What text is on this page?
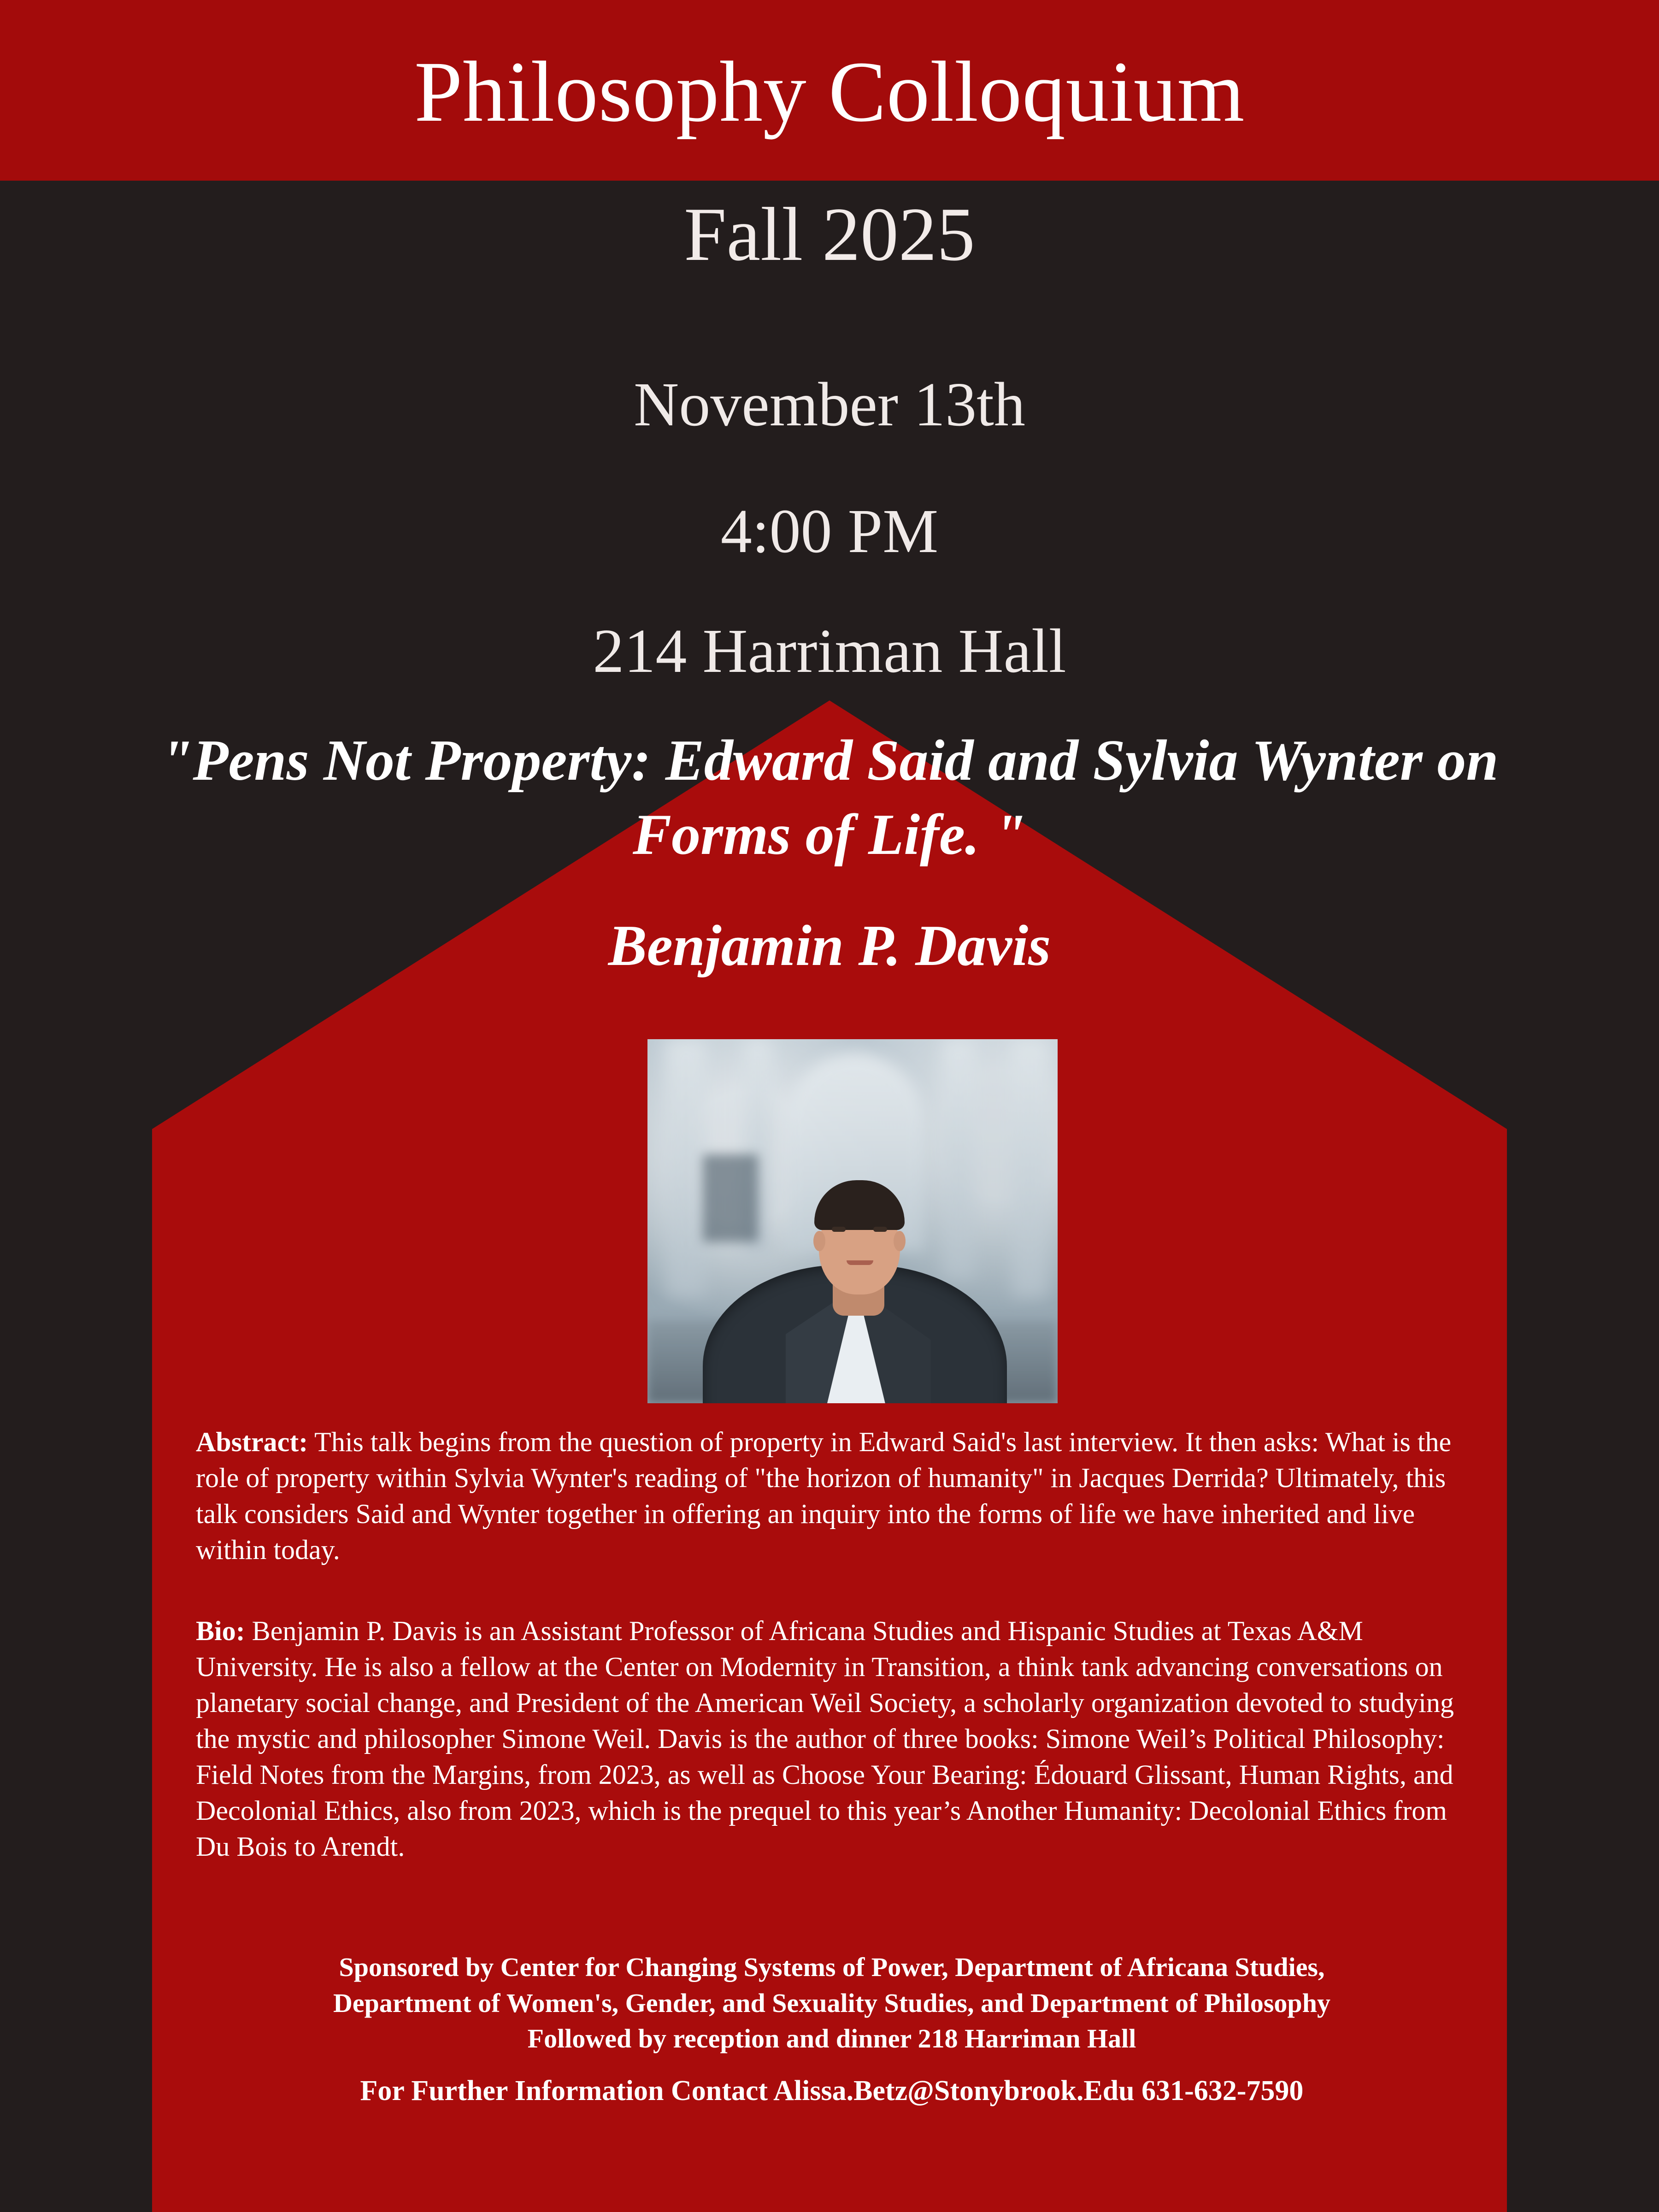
Philosophy Colloquium
Fall 2025
November 13th
4:00 PM
214 Harriman Hall
"Pens Not Property: Edward Said and Sylvia Wynter on Forms of Life. "
Benjamin P. Davis

Abstract: This talk begins from the question of property in Edward Said's last interview. It then asks: What is the role of property within Sylvia Wynter's reading of "the horizon of humanity" in Jacques Derrida? Ultimately, this talk considers Said and Wynter together in offering an inquiry into the forms of life we have inherited and live within today.

Bio: Benjamin P. Davis is an Assistant Professor of Africana Studies and Hispanic Studies at Texas A&M University. He is also a fellow at the Center on Modernity in Transition, a think tank advancing conversations on planetary social change, and President of the American Weil Society, a scholarly organization devoted to studying the mystic and philosopher Simone Weil. Davis is the author of three books: Simone Weil’s Political Philosophy: Field Notes from the Margins, from 2023, as well as Choose Your Bearing: Édouard Glissant, Human Rights, and Decolonial Ethics, also from 2023, which is the prequel to this year’s Another Humanity: Decolonial Ethics from Du Bois to Arendt.

Sponsored by Center for Changing Systems of Power, Department of Africana Studies,
Department of Women's, Gender, and Sexuality Studies, and Department of Philosophy
Followed by reception and dinner 218 Harriman Hall
For Further Information Contact Alissa.Betz@Stonybrook.Edu 631-632-7590
